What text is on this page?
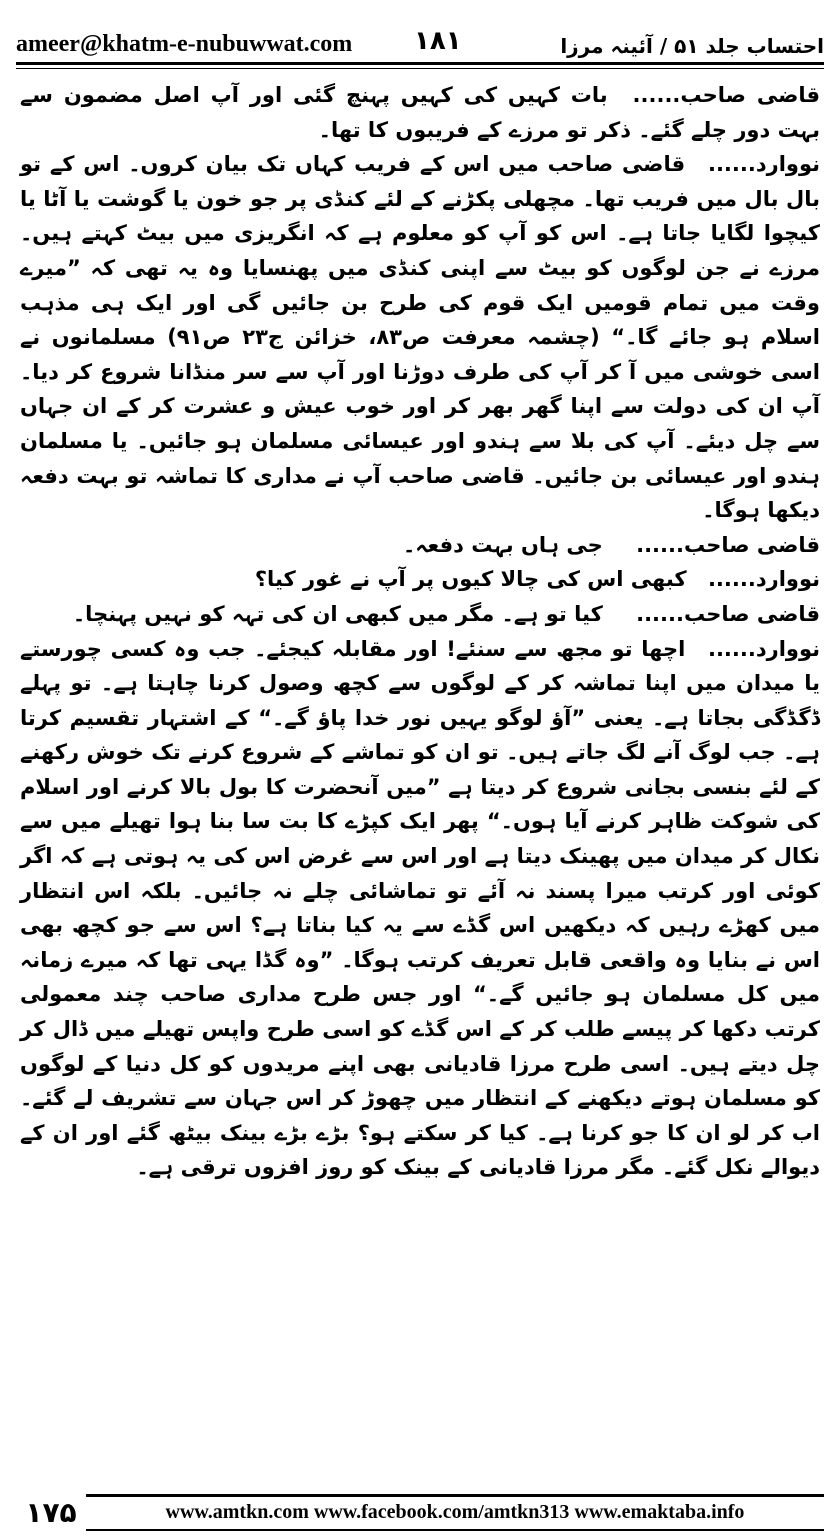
ameer@khatm-e-nubuwwat.com ۱۸۱	احتساب جلد ۵۱ / آئینہ مرزا

قاضی صاحب...... بات کہیں کی کہیں پہنچ گئی اور آپ اصل مضمون سے بہت دور چلے گئے۔ ذکر تو مرزے کے فریبوں کا تھا۔

نووارد...... قاضی صاحب میں اس کے فریب کہاں تک بیان کروں۔ اس کے تو بال بال میں فریب تھا۔ مچھلی پکڑنے کے لئے کنڈی پر جو خون یا گوشت یا آٹا یا کیچوا لگایا جاتا ہے۔ اس کو آپ کو معلوم ہے کہ انگریزی میں بیٹ کہتے ہیں۔ مرزے نے جن لوگوں کو بیٹ سے اپنی کنڈی میں پھنسایا وہ یہ تھی کہ ”میرے وقت میں تمام قومیں ایک قوم کی طرح بن جائیں گی اور ایک ہی مذہب اسلام ہو جائے گا۔“ (چشمہ معرفت ص۸۳، خزائن ج۲۳ ص۹۱) مسلمانوں نے اسی خوشی میں آ کر آپ کی طرف دوڑنا اور آپ سے سر منڈانا شروع کر دیا۔ آپ ان کی دولت سے اپنا گھر بھر کر اور خوب عیش و عشرت کر کے ان جہاں سے چل دیئے۔ آپ کی بلا سے ہندو اور عیسائی مسلمان ہو جائیں۔ یا مسلمان ہندو اور عیسائی بن جائیں۔ قاضی صاحب آپ نے مداری کا تماشہ تو بہت دفعہ دیکھا ہوگا۔

قاضی صاحب...... جی ہاں بہت دفعہ۔

نووارد...... کبھی اس کی چالا کیوں پر آپ نے غور کیا؟

قاضی صاحب...... کیا تو ہے۔ مگر میں کبھی ان کی تہہ کو نہیں پہنچا۔

نووارد...... اچھا تو مجھ سے سنئے! اور مقابلہ کیجئے۔ جب وہ کسی چورستے یا میدان میں اپنا تماشہ کر کے لوگوں سے کچھ وصول کرنا چاہتا ہے۔ تو پہلے ڈگڈگی بجاتا ہے۔ یعنی ”آؤ لوگو یہیں نور خدا پاؤ گے۔“ کے اشتہار تقسیم کرتا ہے۔ جب لوگ آنے لگ جاتے ہیں۔ تو ان کو تماشے کے شروع کرنے تک خوش رکھنے کے لئے بنسی بجانی شروع کر دیتا ہے ”میں آنحضرت کا بول بالا کرنے اور اسلام کی شوکت ظاہر کرنے آیا ہوں۔“ پھر ایک کپڑے کا بت سا بنا ہوا تھیلے میں سے نکال کر میدان میں پھینک دیتا ہے اور اس سے غرض اس کی یہ ہوتی ہے کہ اگر کوئی اور کرتب میرا پسند نہ آئے تو تماشائی چلے نہ جائیں۔ بلکہ اس انتظار میں کھڑے رہیں کہ دیکھیں اس گڈے سے یہ کیا بناتا ہے؟ اس سے جو کچھ بھی اس نے بنایا وہ واقعی قابل تعریف کرتب ہوگا۔ ”وہ گڈا یہی تھا کہ میرے زمانہ میں کل مسلمان ہو جائیں گے۔“ اور جس طرح مداری صاحب چند معمولی کرتب دکھا کر پیسے طلب کر کے اس گڈے کو اسی طرح واپس تھیلے میں ڈال کر چل دیتے ہیں۔ اسی طرح مرزا قادیانی بھی اپنے مریدوں کو کل دنیا کے لوگوں کو مسلمان ہوتے دیکھنے کے انتظار میں چھوڑ کر اس جہان سے تشریف لے گئے۔ اب کر لو ان کا جو کرنا ہے۔ کیا کر سکتے ہو؟ بڑے بڑے بینک بیٹھ گئے اور ان کے دیوالے نکل گئے۔ مگر مرزا قادیانی کے بینک کو روز افزوں ترقی ہے۔

۱۷۵	www.amtkn.com www.facebook.com/amtkn313 www.emaktaba.info
